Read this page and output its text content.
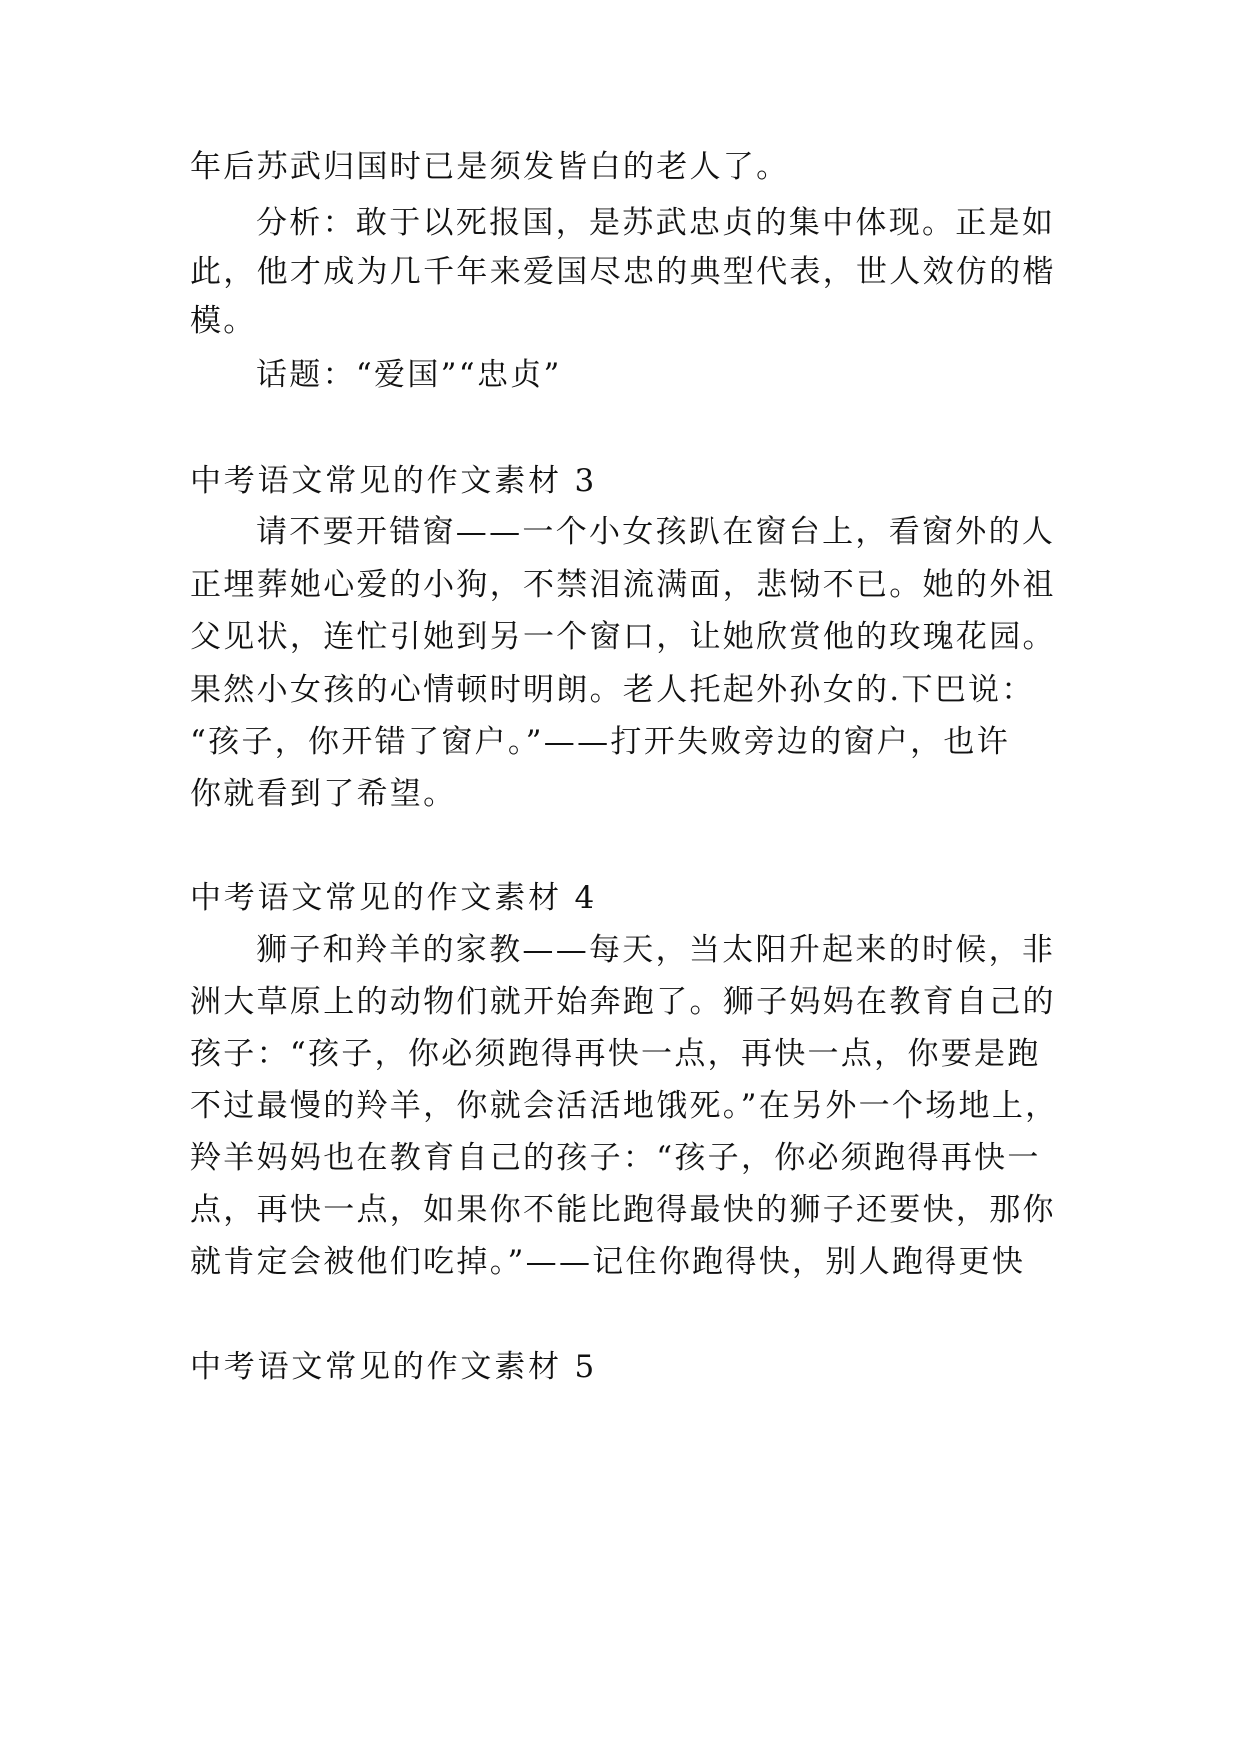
年后苏武归国时已是须发皆白的老人了。
分析：敢于以死报国，是苏武忠贞的集中体现。正是如
此，他才成为几千年来爱国尽忠的典型代表，世人效仿的楷
模。
话题：“爱国”“忠贞”
中考语文常见的作文素材 3
请不要开错窗——一个小女孩趴在窗台上，看窗外的人
正埋葬她心爱的小狗，不禁泪流满面，悲恸不已。她的外祖
父见状，连忙引她到另一个窗口，让她欣赏他的玫瑰花园。
果然小女孩的心情顿时明朗。老人托起外孙女的.下巴说：
“孩子，你开错了窗户。”——打开失败旁边的窗户，也许
你就看到了希望。
中考语文常见的作文素材 4
狮子和羚羊的家教——每天，当太阳升起来的时候，非
洲大草原上的动物们就开始奔跑了。狮子妈妈在教育自己的
孩子：“孩子，你必须跑得再快一点，再快一点，你要是跑
不过最慢的羚羊，你就会活活地饿死。”在另外一个场地上，
羚羊妈妈也在教育自己的孩子：“孩子，你必须跑得再快一
点，再快一点，如果你不能比跑得最快的狮子还要快，那你
就肯定会被他们吃掉。”——记住你跑得快，别人跑得更快
中考语文常见的作文素材 5
